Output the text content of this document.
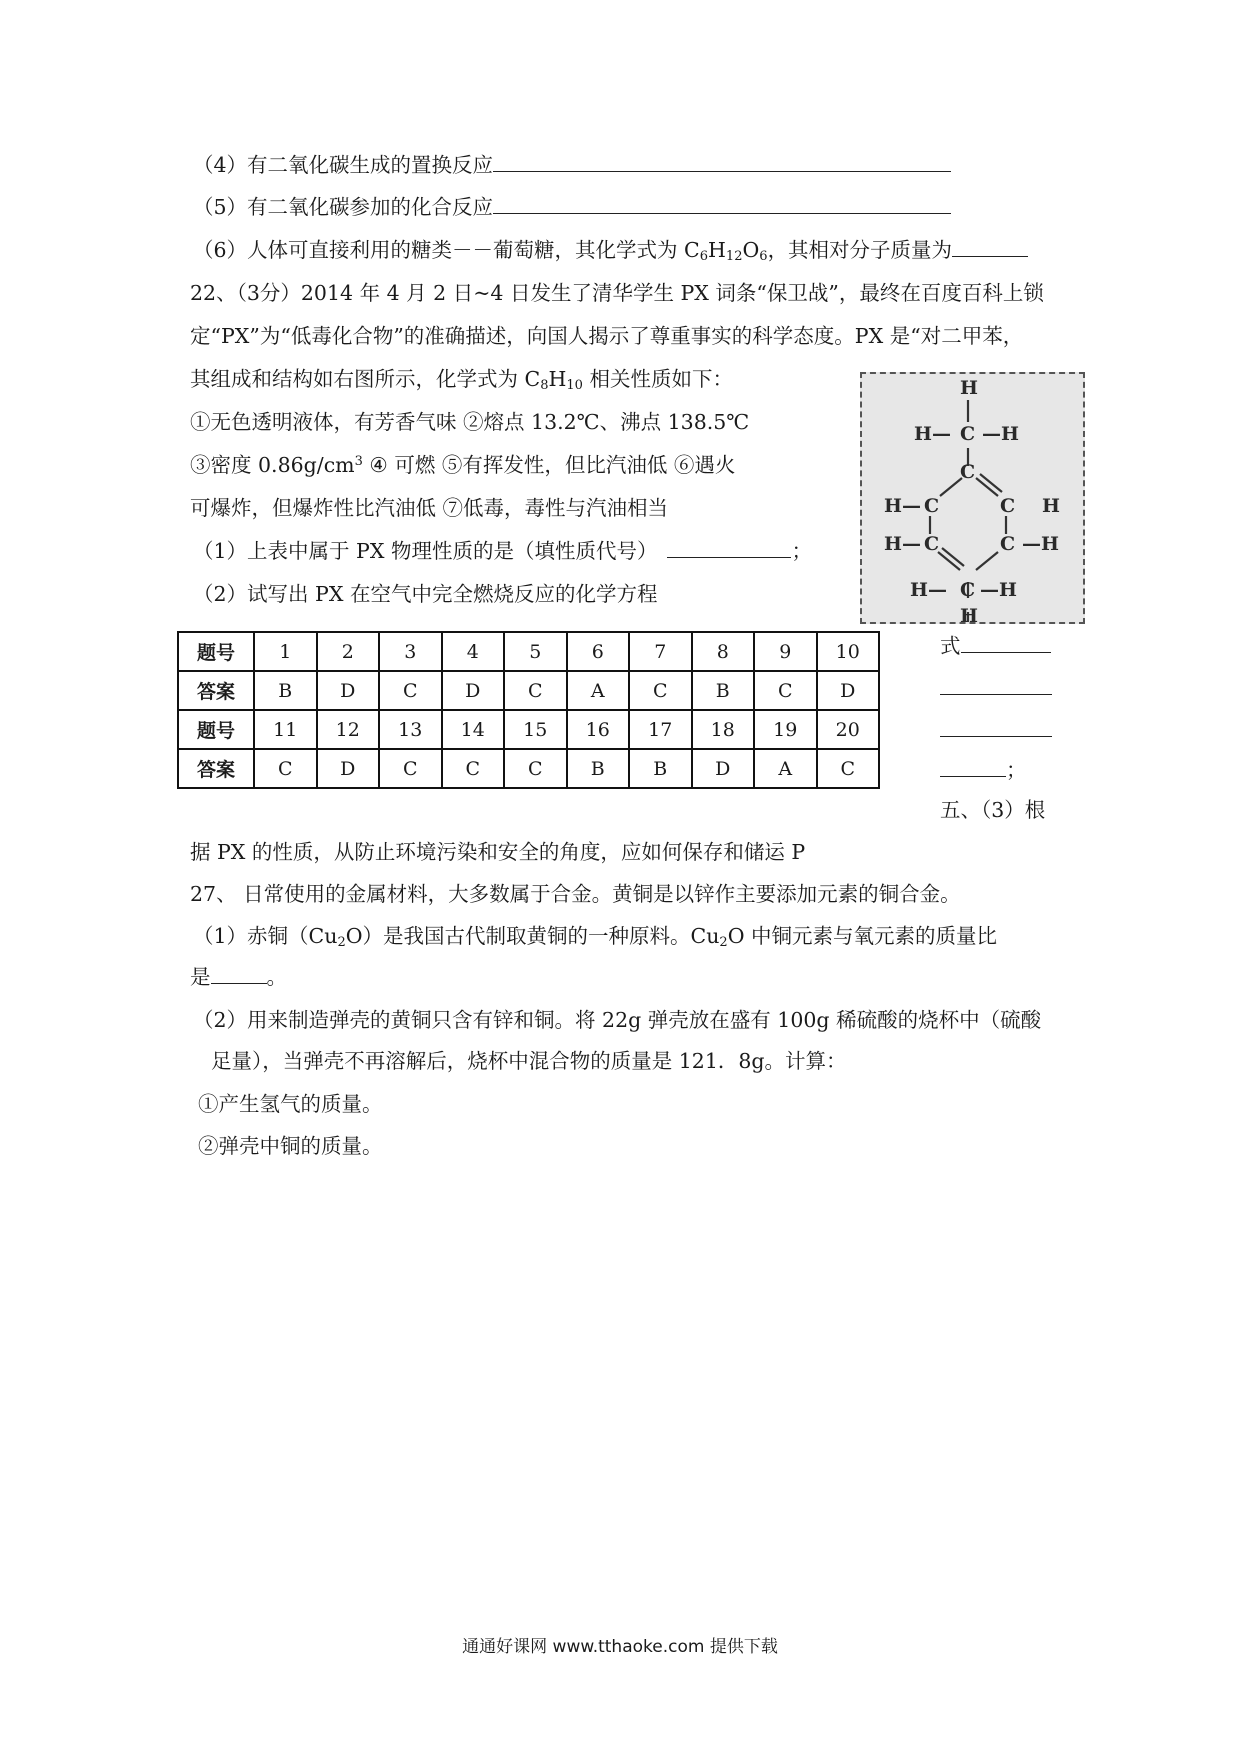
（4）有二氧化碳生成的置换反应
（5）有二氧化碳参加的化合反应
（6）人体可直接利用的糖类－－葡萄糖，其化学式为 $C_6H_{12}O_6$，其相对分子质量为
22、（3分）2014 年 4 月 2 日~4 日发生了清华学生 PX 词条“保卫战”，最终在百度百科上锁
定“PX”为“低毒化合物”的准确描述，向国人揭示了尊重事实的科学态度。PX 是“对二甲苯，
其组成和结构如右图所示，化学式为 $C_8H_{10}$ 相关性质如下：
①无色透明液体，有芳香气味 ②熔点 13.2℃、沸点 138.5℃
③密度 $0.86g/cm^3$ ④ 可燃 ⑤有挥发性，但比汽油低 ⑥遇火
可爆炸，但爆炸性比汽油低 ⑦低毒，毒性与汽油相当
（1）上表中属于 PX 物理性质的是（填性质代号）	；
（2）试写出 PX 在空气中完全燃烧反应的化学方程
H
H— C —H
C
C
H—	H
H— C
C
—H
C
H— C —H
H
题号	1	2	3	4	5	6	7	8	9	10
答案	B	D	C	D	C	A	C	B	C	D
题号	11	12	13	14	15	16	17	18	19	20
答案	C	D	C	C	C	B	B	D	A	C
式
；
五、（3）根
据 PX 的性质，从防止环境污染和安全的角度，应如何保存和储运 P
27、 日常使用的金属材料，大多数属于合金。黄铜是以锌作主要添加元素的铜合金。
（1）赤铜$(Cu_2O)$是我国古代制取黄铜的一种原料。$Cu_2O$ 中铜元素与氧元素的质量比
是	。
（2）用来制造弹壳的黄铜只含有锌和铜。将 22g 弹壳放在盛有 100g 稀硫酸的烧杯中（硫酸
足量），当弹壳不再溶解后，烧杯中混合物的质量是 121．8g。计算：
①产生氢气的质量。
②弹壳中铜的质量。
通通好课网 www.tthaoke.com 提供下载
